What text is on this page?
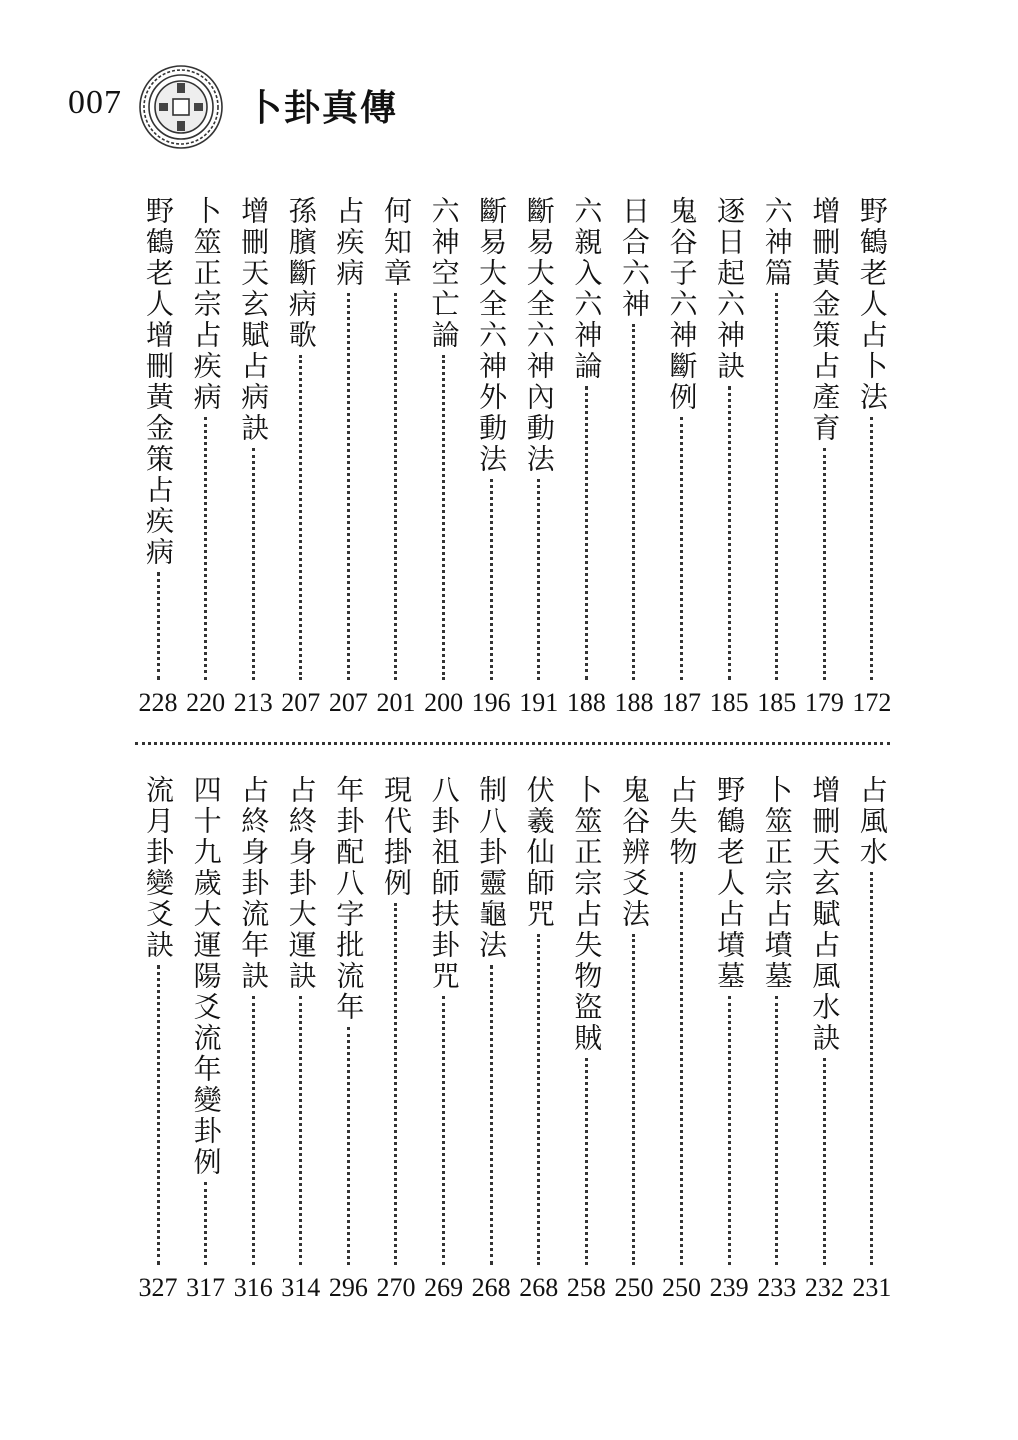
007	卜卦真傳
野鶴老人占卜法
172
增刪黃金策占產育
179
六神篇
185
逐日起六神訣
185
鬼谷子六神斷例
187
日合六神
188
六親入六神論
188
斷易大全六神內動法
191
斷易大全六神外動法
196
六神空亡論
200
何知章
201
占疾病
207
孫臏斷病歌
207
增刪天玄賦占病訣
213
卜筮正宗占疾病
220
野鶴老人增刪黃金策占疾病
228
占風水
231
增刪天玄賦占風水訣
232
卜筮正宗占墳墓
233
野鶴老人占墳墓
239
占失物
250
鬼谷辨爻法
250
卜筮正宗占失物盜賊
258
伏羲仙師咒
268
制八卦靈龜法
268
八卦祖師扶卦咒
269
現代掛例
270
年卦配八字批流年
296
占終身卦大運訣
314
占終身卦流年訣
316
四十九歲大運陽爻流年變卦例
317
流月卦變爻訣
327
